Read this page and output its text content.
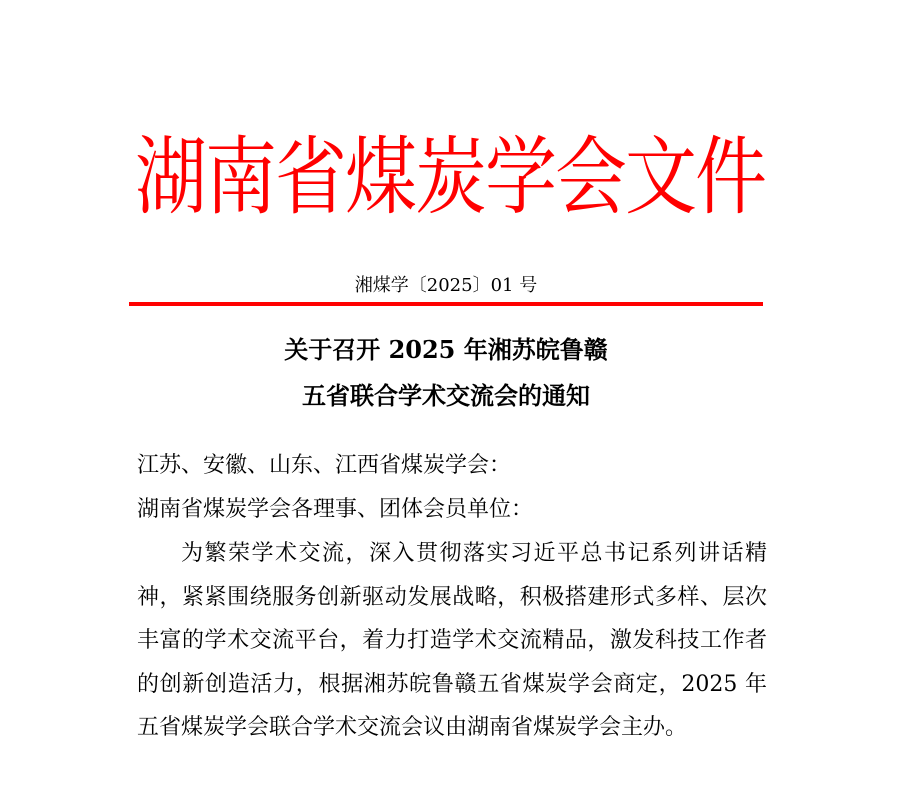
湖南省煤炭学会文件
湘煤学〔2025〕01 号
关于召开 2025 年湘苏皖鲁赣
五省联合学术交流会的通知
江苏、安徽、山东、江西省煤炭学会：
湖南省煤炭学会各理事、团体会员单位：
为繁荣学术交流，深入贯彻落实习近平总书记系列讲话精神，紧紧围绕服务创新驱动发展战略，积极搭建形式多样、层次丰富的学术交流平台，着力打造学术交流精品，激发科技工作者的创新创造活力，根据湘苏皖鲁赣五省煤炭学会商定，2025 年五省煤炭学会联合学术交流会议由湖南省煤炭学会主办。
